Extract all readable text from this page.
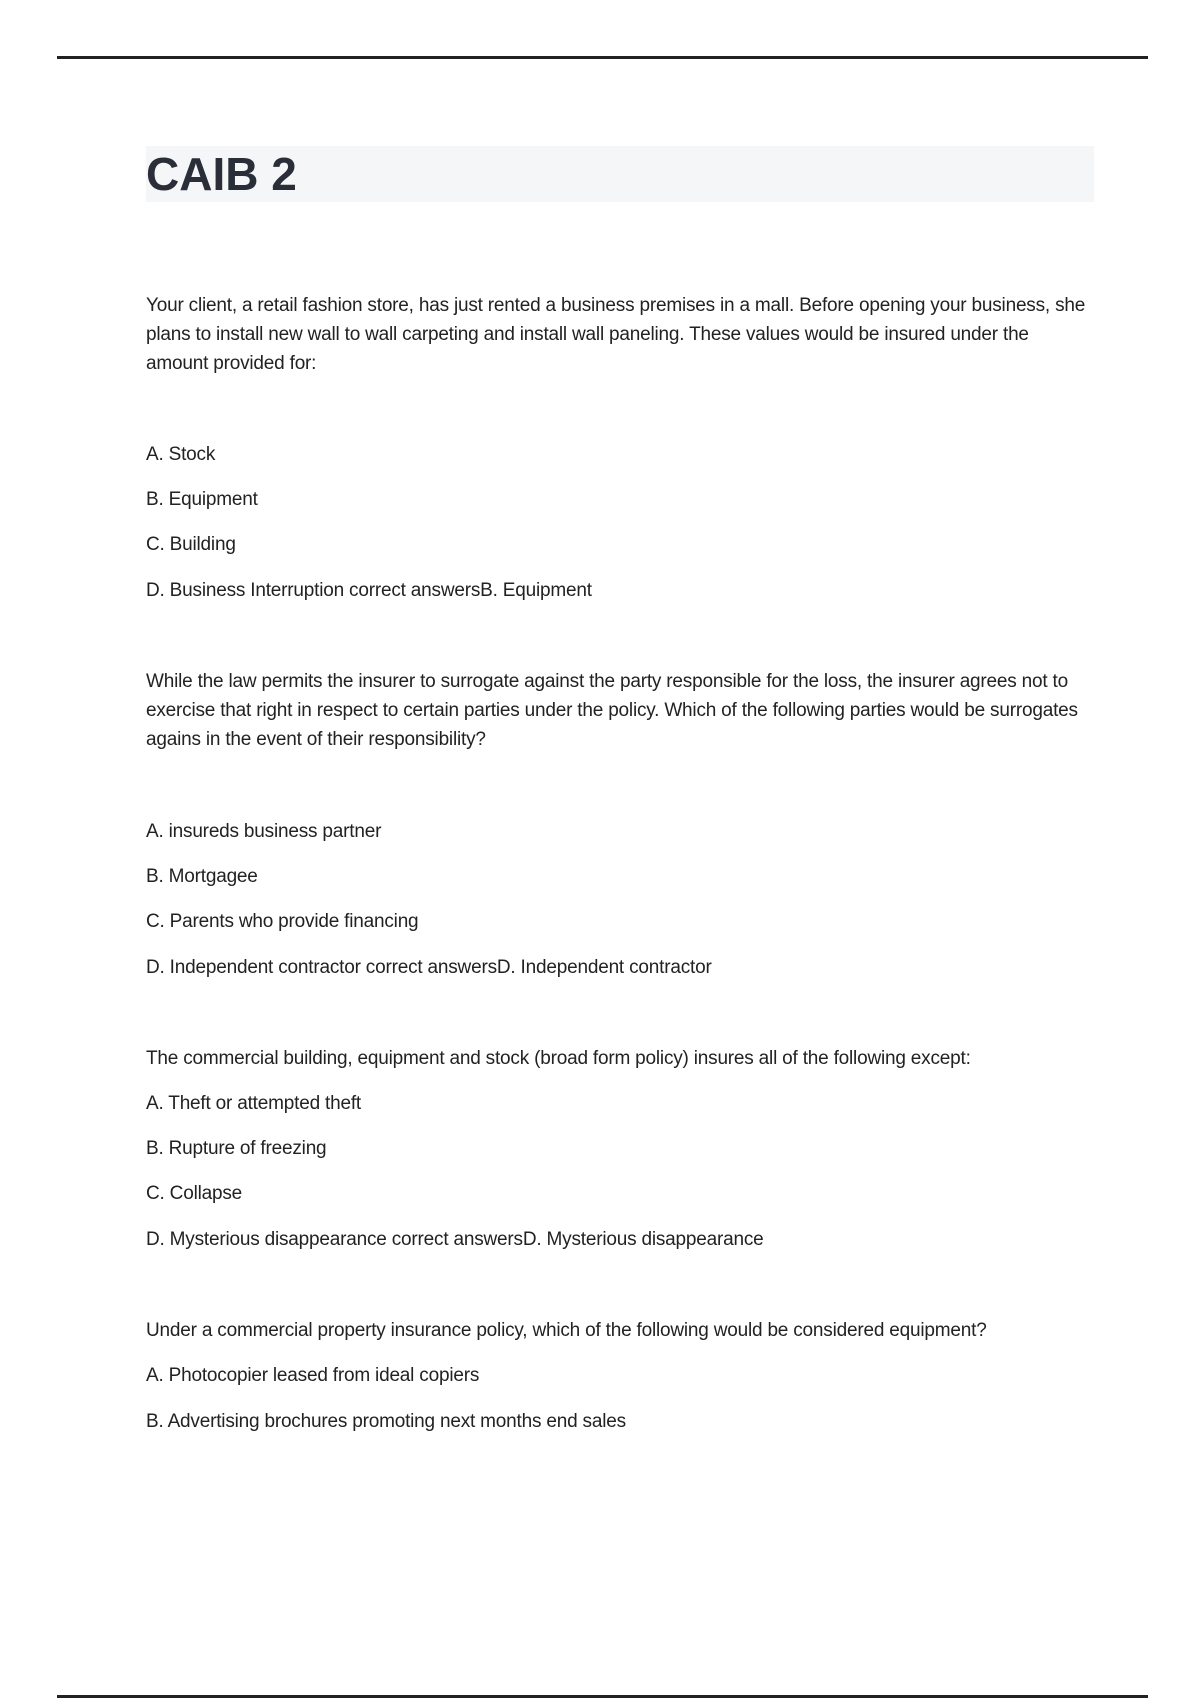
CAIB 2
Your client, a retail fashion store, has just rented a business premises in a mall. Before opening your business, she plans to install new wall to wall carpeting and install wall paneling. These values would be insured under the amount provided for:
A. Stock
B. Equipment
C. Building
D. Business Interruption correct answersB. Equipment
While the law permits the insurer to surrogate against the party responsible for the loss, the insurer agrees not to exercise that right in respect to certain parties under the policy. Which of the following parties would be surrogates agains in the event of their responsibility?
A. insureds business partner
B. Mortgagee
C. Parents who provide financing
D. Independent contractor correct answersD. Independent contractor
The commercial building, equipment and stock (broad form policy) insures all of the following except:
A. Theft or attempted theft
B. Rupture of freezing
C. Collapse
D. Mysterious disappearance correct answersD. Mysterious disappearance
Under a commercial property insurance policy, which of the following would be considered equipment?
A. Photocopier leased from ideal copiers
B. Advertising brochures promoting next months end sales
